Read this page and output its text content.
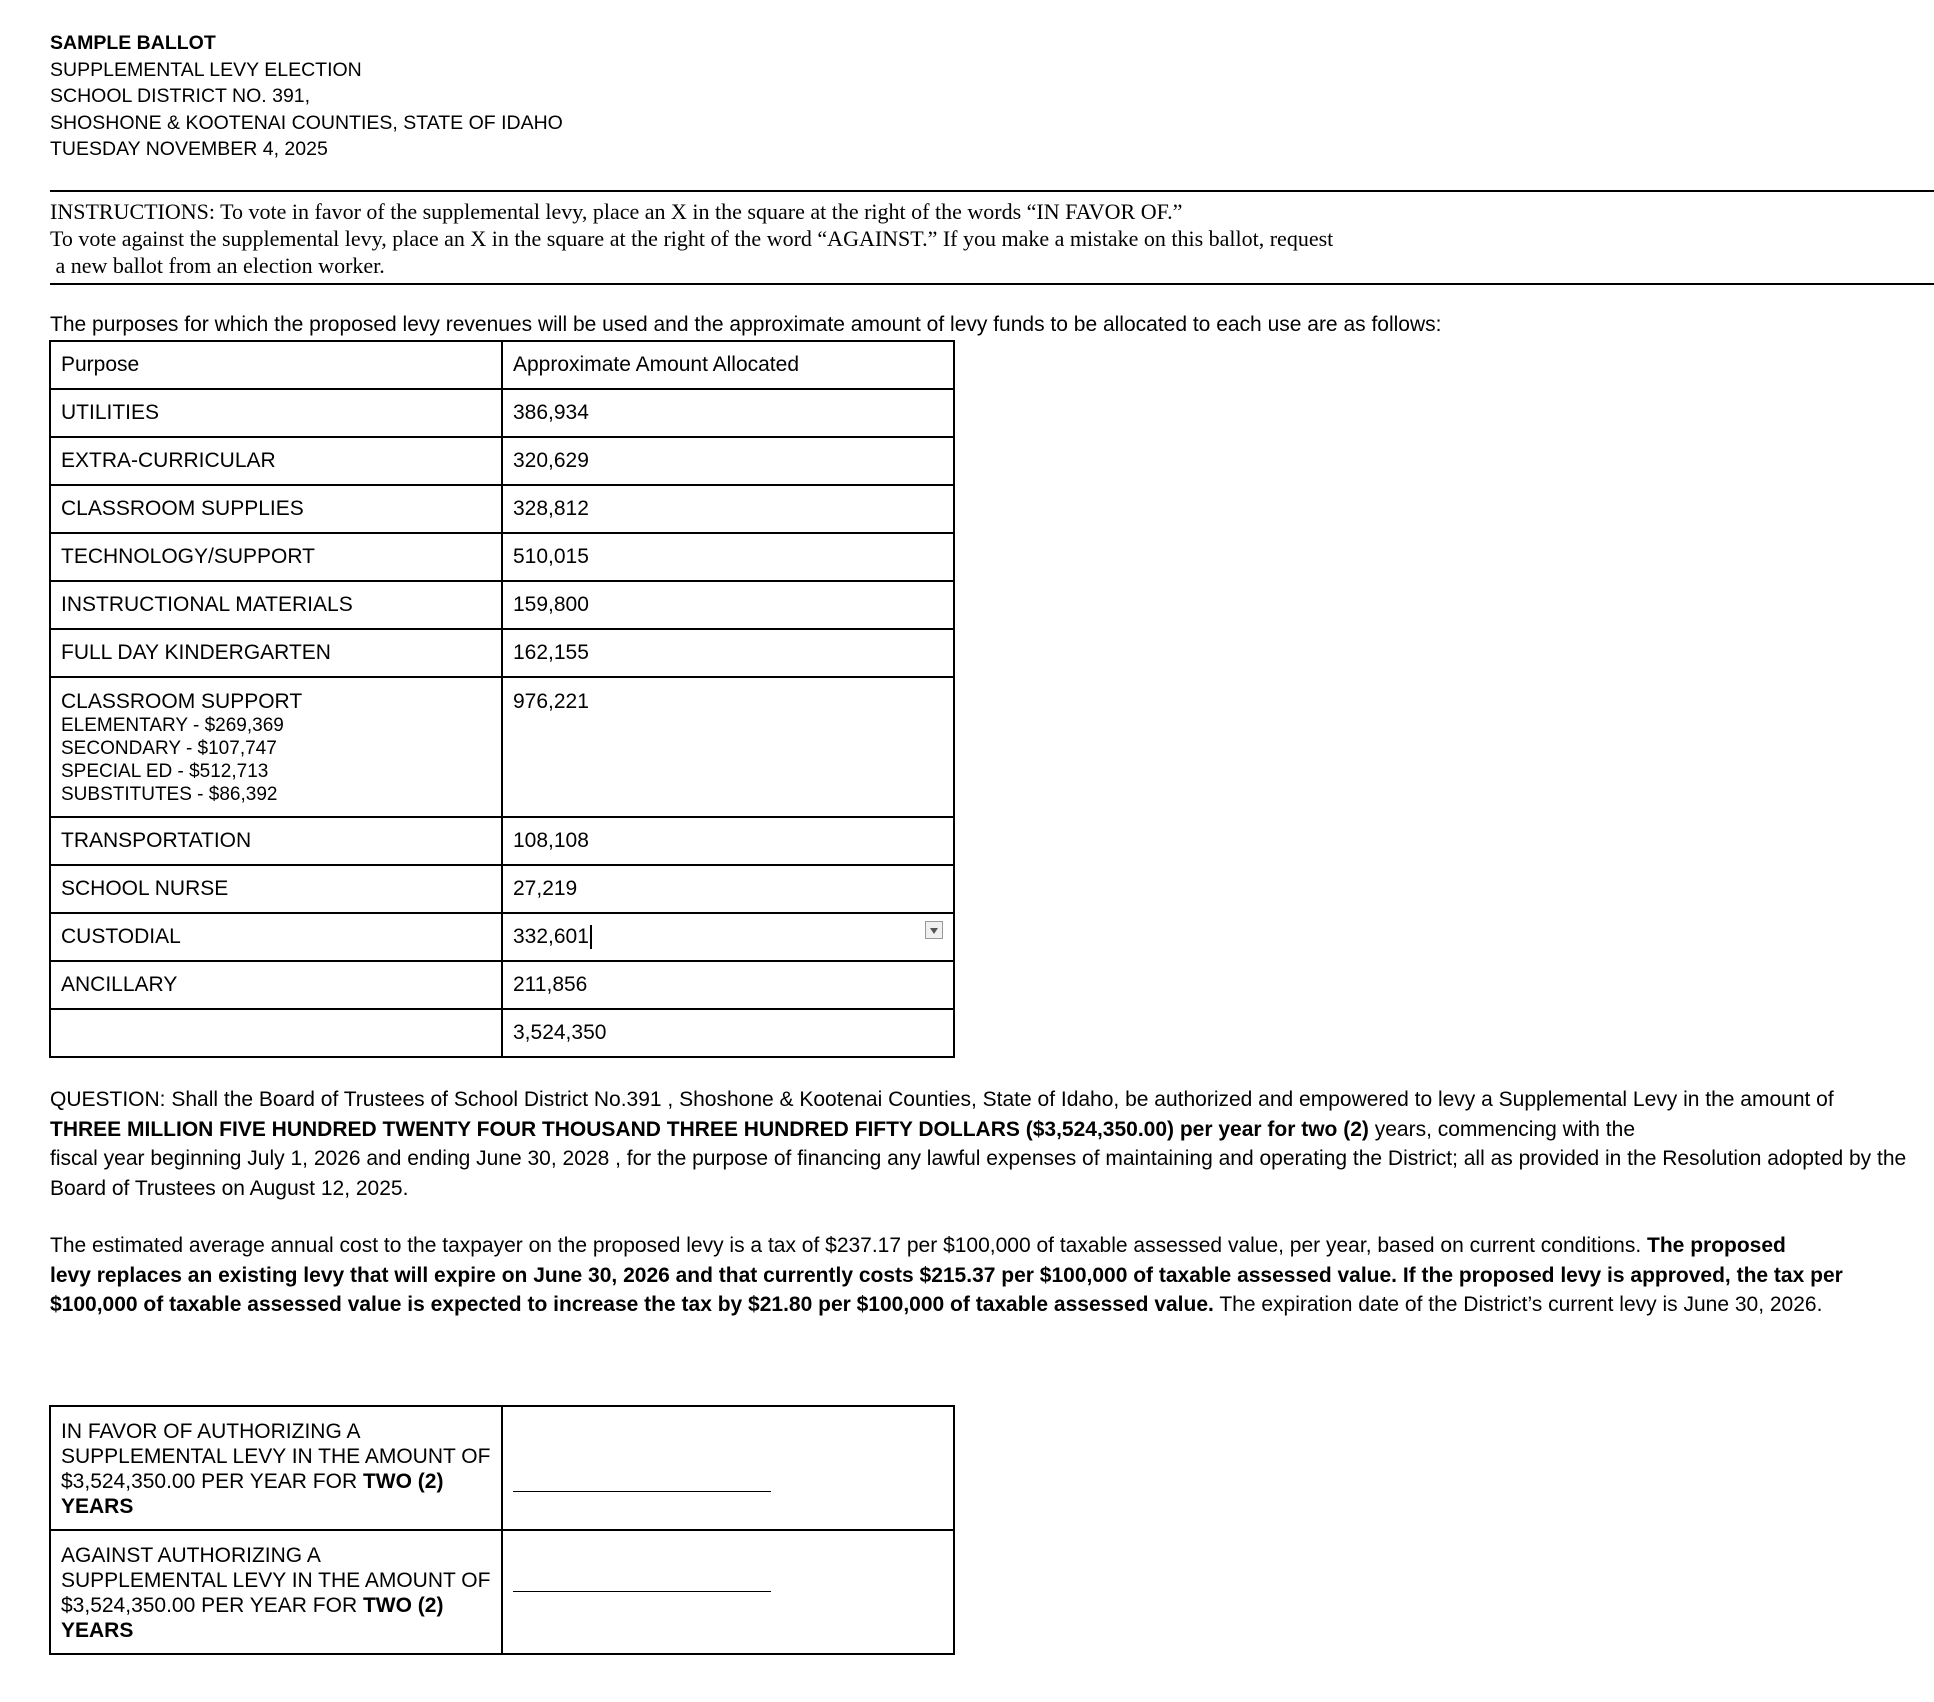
SAMPLE BALLOT
SUPPLEMENTAL LEVY ELECTION
SCHOOL DISTRICT NO. 391,
SHOSHONE & KOOTENAI COUNTIES, STATE OF IDAHO
TUESDAY NOVEMBER 4, 2025
INSTRUCTIONS: To vote in favor of the supplemental levy, place an X in the square at the right of the words “IN FAVOR OF.”
To vote against the supplemental levy, place an X in the square at the right of the word “AGAINST.” If you make a mistake on this ballot, request
a new ballot from an election worker.
The purposes for which the proposed levy revenues will be used and the approximate amount of levy funds to be allocated to each use are as follows:
Purpose	Approximate Amount Allocated
UTILITIES	386,934
EXTRA-CURRICULAR	320,629
CLASSROOM SUPPLIES	328,812
TECHNOLOGY/SUPPORT	510,015
INSTRUCTIONAL MATERIALS	159,800
FULL DAY KINDERGARTEN	162,155

CLASSROOM SUPPORT
ELEMENTARY - $269,369
SECONDARY - $107,747
SPECIAL ED - $512,713
SUBSTITUTES - $86,392	976,221
TRANSPORTATION	108,108
SCHOOL NURSE	27,219
CUSTODIAL	332,601

ANCILLARY	211,856
	3,524,350
QUESTION: Shall the Board of Trustees of School District No.391 , Shoshone & Kootenai Counties, State of Idaho, be authorized and empowered to levy a Supplemental Levy in the amount of THREE MILLION FIVE HUNDRED TWENTY FOUR THOUSAND THREE HUNDRED FIFTY DOLLARS ($3,524,350.00) per year for two (2) years, commencing with the
fiscal year beginning July 1, 2026 and ending June 30, 2028 , for the purpose of financing any lawful expenses of maintaining and operating the District; all as provided in the Resolution adopted by the Board of Trustees on August 12, 2025.
The estimated average annual cost to the taxpayer on the proposed levy is a tax of $237.17 per $100,000 of taxable assessed value, per year, based on current conditions. The proposed
levy replaces an existing levy that will expire on June 30, 2026 and that currently costs $215.37 per $100,000 of taxable assessed value. If the proposed levy is approved, the tax per $100,000 of taxable assessed value is expected to increase the tax by $21.80 per $100,000 of taxable assessed value. The expiration date of the District’s current levy is June 30, 2026.
IN FAVOR OF AUTHORIZING A SUPPLEMENTAL LEVY IN THE AMOUNT OF $3,524,350.00 PER YEAR FOR TWO (2) YEARS	

AGAINST AUTHORIZING A SUPPLEMENTAL LEVY IN THE AMOUNT OF $3,524,350.00 PER YEAR FOR TWO (2) YEARS	
